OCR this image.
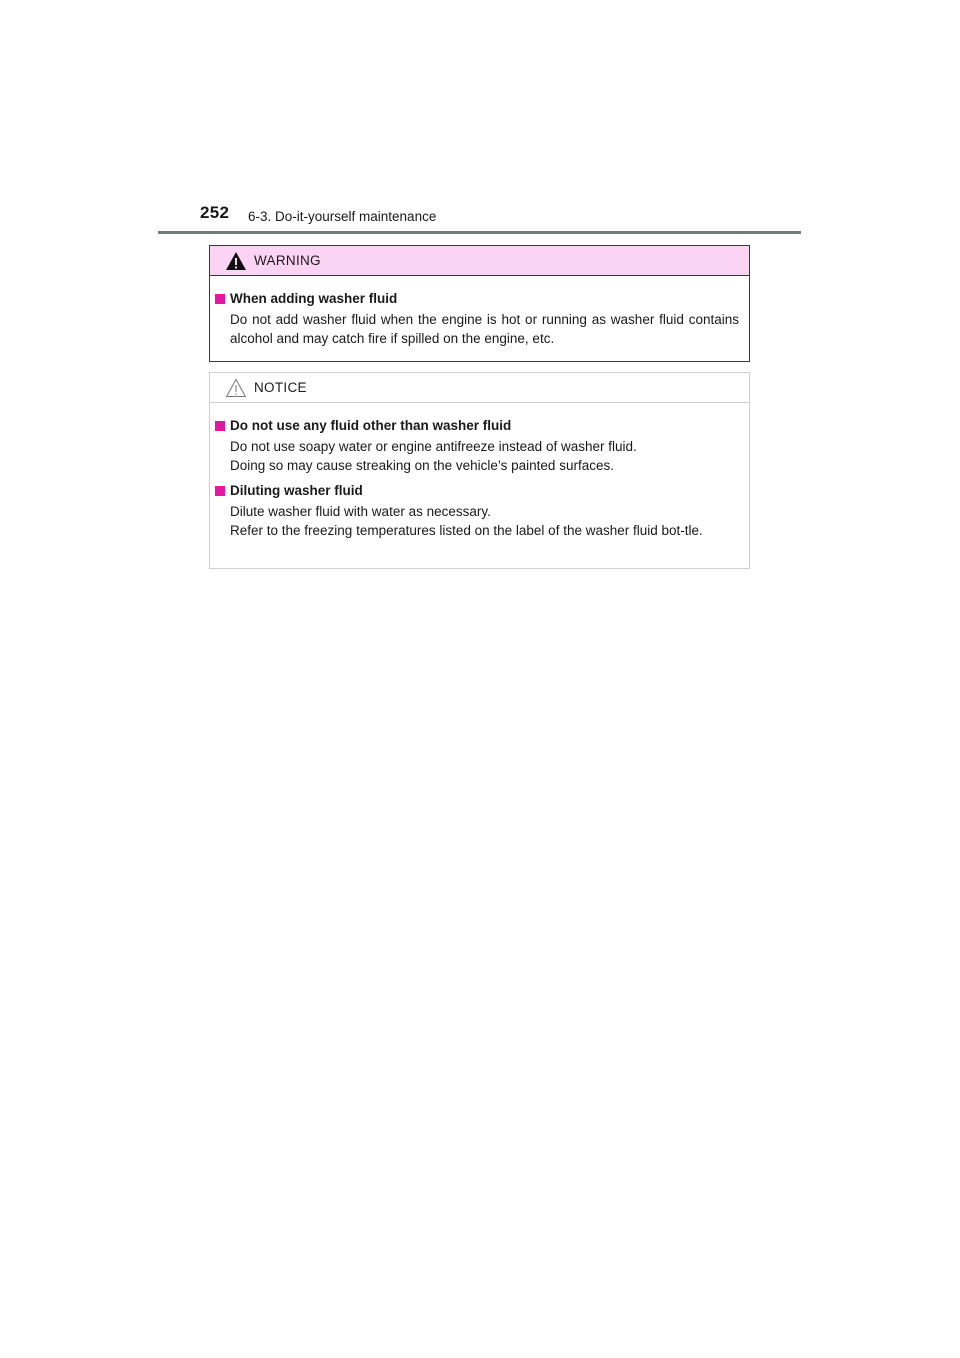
252 6-3. Do-it-yourself maintenance
WARNING
When adding washer fluid

Do not add washer fluid when the engine is hot or running as washer fluid contains alcohol and may catch fire if spilled on the engine, etc.

NOTICE
Do not use any fluid other than washer fluid

Do not use soapy water or engine antifreeze instead of washer fluid.

Doing so may cause streaking on the vehicle’s painted surfaces.

Diluting washer fluid

Dilute washer fluid with water as necessary.

Refer to the freezing temperatures listed on the label of the washer fluid bot-tle.
